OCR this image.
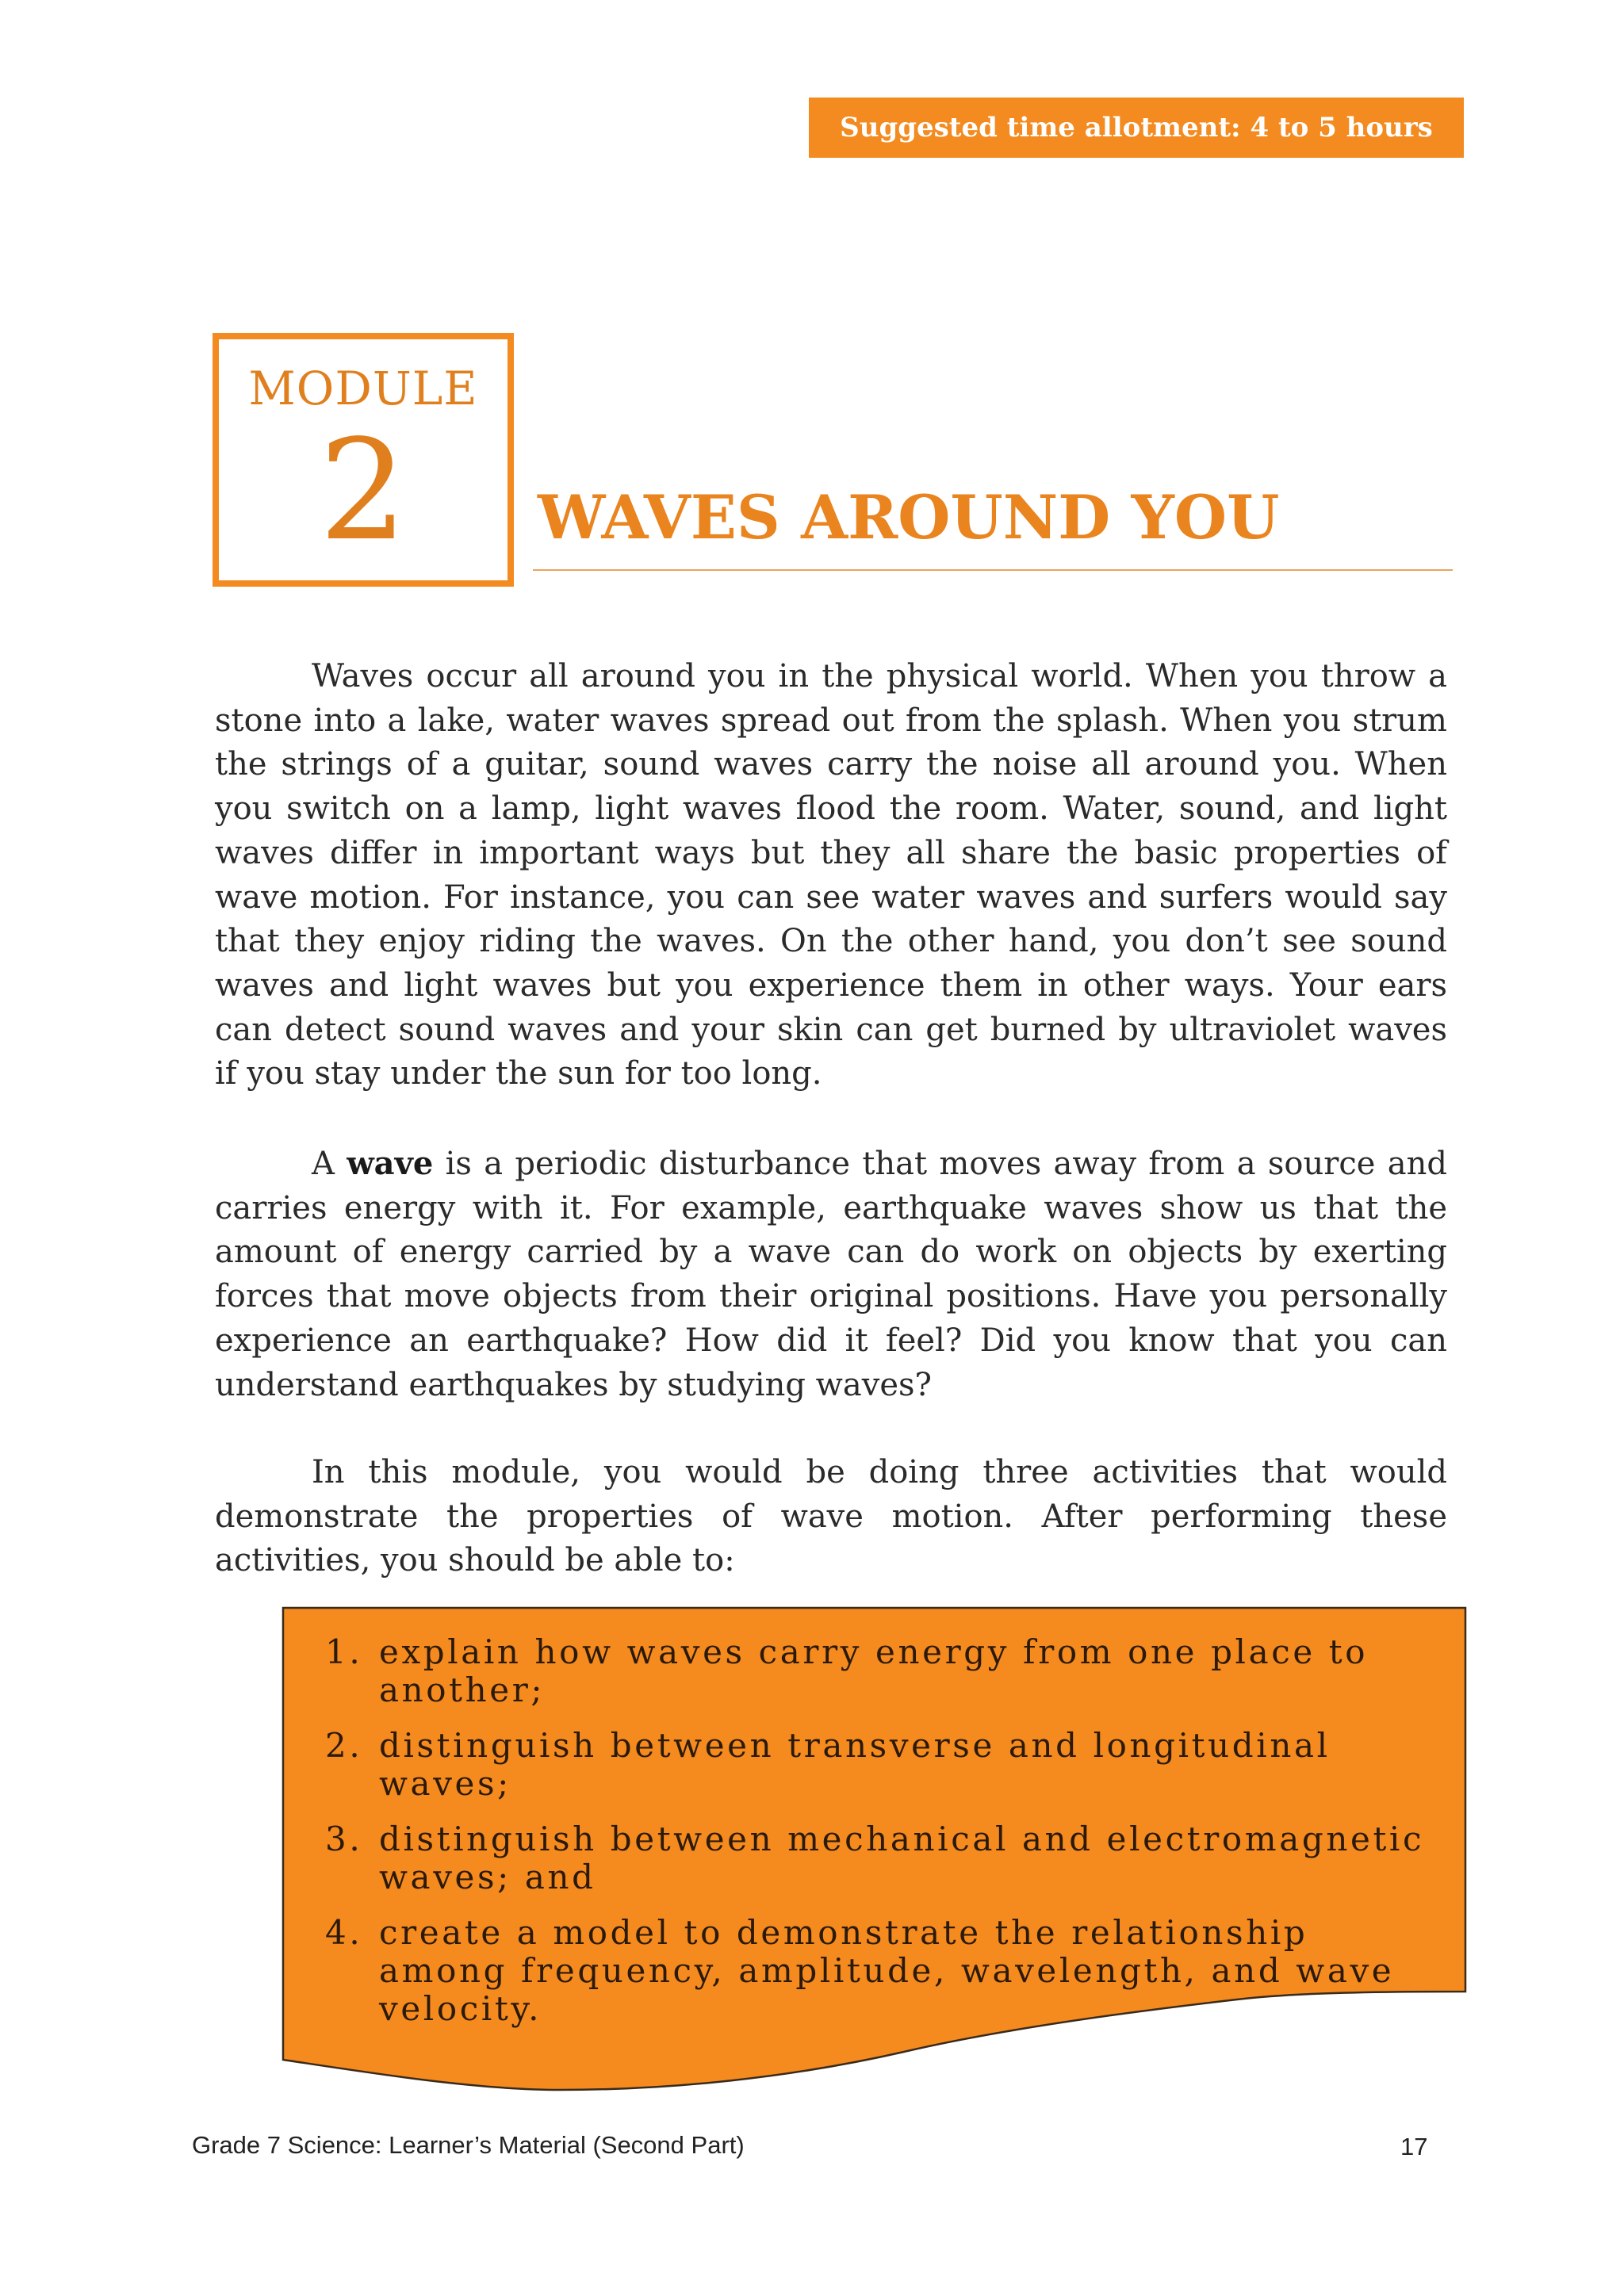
Suggested time allotment: 4 to 5 hours
MODULE
2	WAVES AROUND YOU

Waves occur all around you in the physical world. When you throw a stone into a lake, water waves spread out from the splash. When you strum the strings of a guitar, sound waves carry the noise all around you. When you switch on a lamp, light waves flood the room. Water, sound, and light waves differ in important ways but they all share the basic properties of wave motion. For instance, you can see water waves and surfers would say that they enjoy riding the waves. On the other hand, you don’t see sound waves and light waves but you experience them in other ways. Your ears can detect sound waves and your skin can get burned by ultraviolet waves if you stay under the sun for too long.

A wave is a periodic disturbance that moves away from a source and carries energy with it. For example, earthquake waves show us that the amount of energy carried by a wave can do work on objects by exerting forces that move objects from their original positions. Have you personally experience an earthquake? How did it feel? Did you know that you can understand earthquakes by studying waves?

In this module, you would be doing three activities that would demonstrate the properties of wave motion. After performing these activities, you should be able to:

1. explain how waves carry energy from one place to another;
2. distinguish between transverse and longitudinal waves;
3. distinguish between mechanical and electromagnetic waves; and
4. create a model to demonstrate the relationship among frequency, amplitude, wavelength, and wave velocity.
Grade 7 Science: Learner’s Material (Second Part)	17
